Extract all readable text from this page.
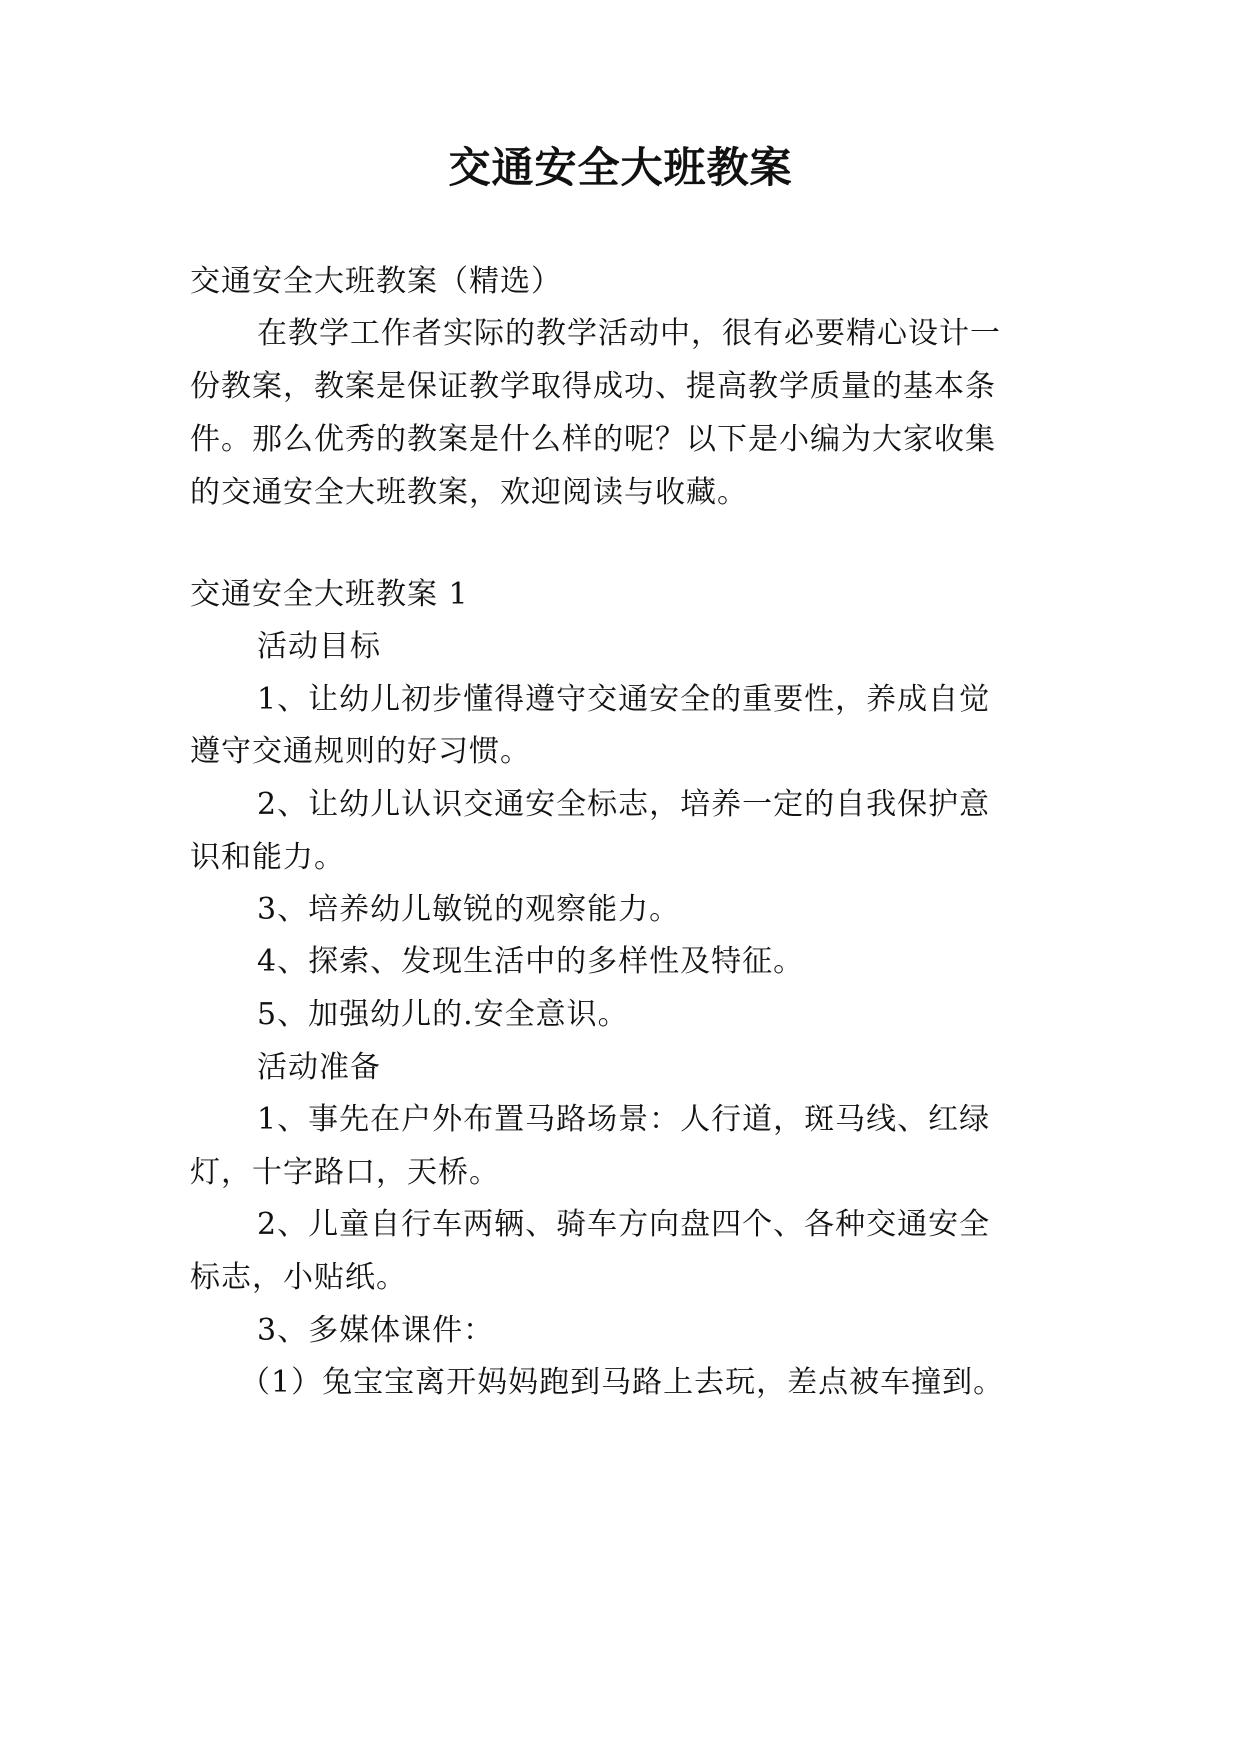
交通安全大班教案
交通安全大班教案（精选）
在教学工作者实际的教学活动中，很有必要精心设计一
份教案，教案是保证教学取得成功、提高教学质量的基本条
件。那么优秀的教案是什么样的呢？以下是小编为大家收集
的交通安全大班教案，欢迎阅读与收藏。
交通安全大班教案 1
活动目标
1、让幼儿初步懂得遵守交通安全的重要性，养成自觉
遵守交通规则的好习惯。
2、让幼儿认识交通安全标志，培养一定的自我保护意
识和能力。
3、培养幼儿敏锐的观察能力。
4、探索、发现生活中的多样性及特征。
5、加强幼儿的.安全意识。
活动准备
1、事先在户外布置马路场景：人行道，斑马线、红绿
灯，十字路口，天桥。
2、儿童自行车两辆、骑车方向盘四个、各种交通安全
标志，小贴纸。
3、多媒体课件：
（1）兔宝宝离开妈妈跑到马路上去玩，差点被车撞到。
